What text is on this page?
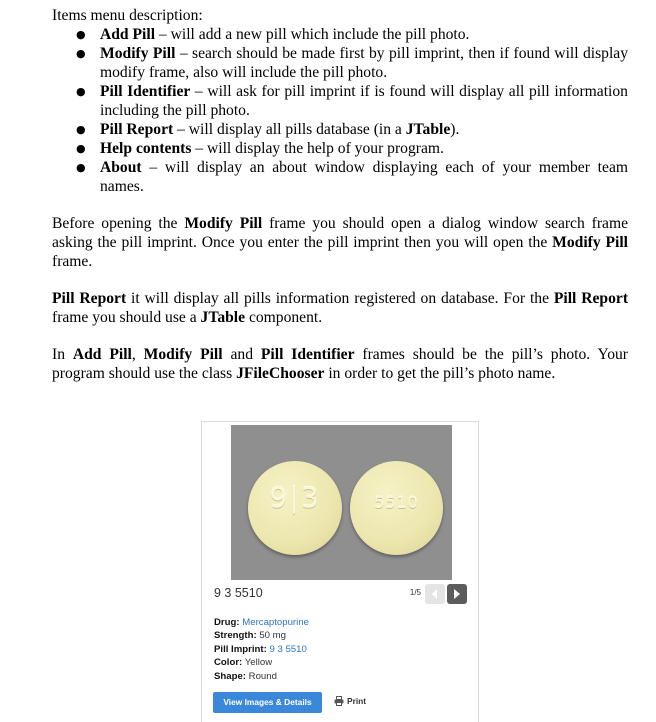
Items menu description:

● Add Pill – will add a new pill which include the pill photo.
● Modify Pill – search should be made first by pill imprint, then if found will display modify frame, also will include the pill photo.
● Pill Identifier – will ask for pill imprint if is found will display all pill information including the pill photo.
● Pill Report – will display all pills database (in a JTable).
● Help contents – will display the help of your program.
● About – will display an about window displaying each of your member team names.

Before opening the Modify Pill frame you should open a dialog window search frame asking the pill imprint. Once you enter the pill imprint then you will open the Modify Pill frame.

Pill Report it will display all pills information registered on database. For the Pill Report frame you should use a JTable component.

In Add Pill, Modify Pill and Pill Identifier frames should be the pill’s photo. Your program should use the class JFileChooser in order to get the pill’s photo name.

9|3	5510
9 3 5510	1/5
Drug: Mercaptopurine
Strength: 50 mg
Pill Imprint: 9 3 5510
Color: Yellow
Shape: Round
View Images & Details	Print
